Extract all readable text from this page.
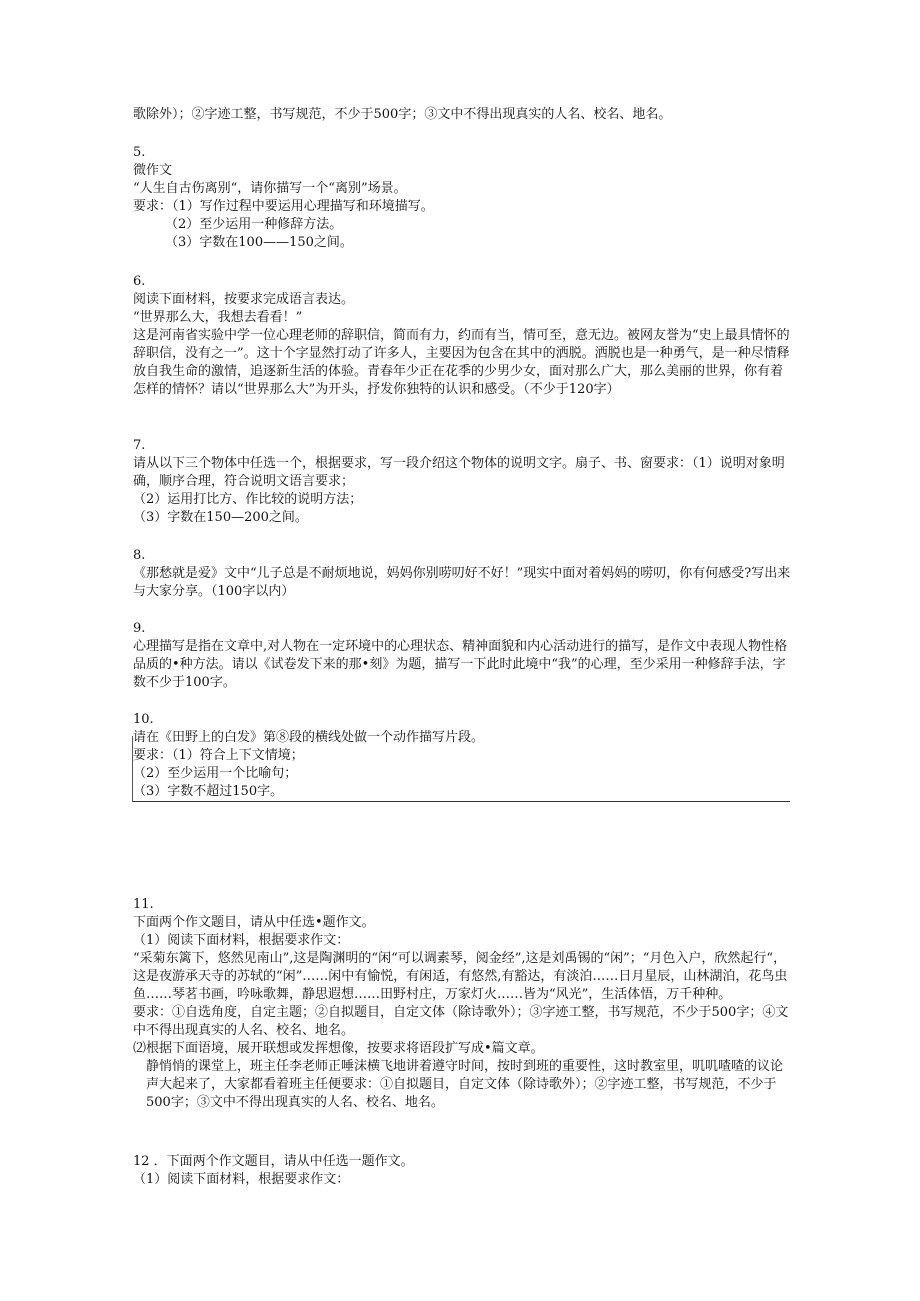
歌除外）；②字迹工整，书写规范，不少于500字；③文中不得出现真实的人名、校名、地名。

5.

微作文

“人生自古伤离别“，请你描写一个“离别”场景。

要求：（1）写作过程中要运用心理描写和环境描写。

（2）至少运用一种修辞方法。

（3）字数在100——150之间。

6.

阅读下面材料，按要求完成语言表达。

“世界那么大，我想去看看！”

这是河南省实验中学一位心理老师的辞职信，简而有力，约而有当，情可至，意无边。被网友誉为“史上最具情怀的辞职信，没有之一”。这十个字显然打动了许多人，主要因为包含在其中的洒脱。洒脱也是一种勇气，是一种尽情释放自我生命的激情，追逐新生活的体验。青春年少正在花季的少男少女，面对那么广大，那么美丽的世界，你有着怎样的情怀？请以“世界那么大”为开头，抒发你独特的认识和感受。（不少于120字）

7.

请从以下三个物体中任选一个，根据要求，写一段介绍这个物体的说明文字。扇子、书、窗要求：（1）说明对象明确，顺序合理，符合说明文语言要求；

（2）运用打比方、作比较的说明方法；

（3）字数在150—200之间。

8.

《那愁就是爱》文中“儿子总是不耐烦地说，妈妈你别唠叨好不好！”现实中面对着妈妈的唠叨，你有何感受?写出来与大家分享。（100字以内）

9.

心理描写是指在文章中,对人物在一定环境中的心理状态、精神面貌和内心活动进行的描写，是作文中表现人物性格品质的•种方法。请以《试卷发下来的那•刻》为题，描写一下此时此境中“我”的心理，至少采用一种修辞手法，字数不少于100字。

10.

请在《田野上的白发》第⑧段的横线处做一个动作描写片段。

要求：（1）符合上下文情境；

（2）至少运用一个比喻句；

（3）字数不超过150字。

11.

下面两个作文题目，请从中任选•题作文。

（1）阅读下面材料，根据要求作文：

“采菊东篱下，悠然见南山”,这是陶渊明的“闲“可以调素琴，阅金经”,这是刘禹锡的“闲”；“月色入户，欣然起行“，这是夜游承天寺的苏轼的“闲”……闲中有愉悦，有闲适，有悠然,有豁达，有淡泊……日月星辰，山林湖泊，花鸟虫鱼……琴茗书画，吟咏歌舞，静思遐想……田野村庄，万家灯火……皆为“风光”，生活体悟，万千种种。

要求：①自选角度，自定主题；②自拟题目，自定文体（除诗歌外）；③字迹工整，书写规范，不少于500字；④文中不得出现真实的人名、校名、地名。

⑵根据下面语境，展开联想或发挥想像，按要求将语段扩写成•篇文章。

静悄悄的课堂上，班主任李老师正唾沫横飞地讲着遵守时间，按时到班的重要性，这时教室里，叽叽喳喳的议论声大起来了，大家都看着班主任便要求：①自拟题目，自定文体（除诗歌外）；②字迹工整，书写规范，不少于500字；③文中不得出现真实的人名、校名、地名。

12 ．下面两个作文题目，请从中任选一题作文。

（1）阅读下面材料，根据要求作文：
